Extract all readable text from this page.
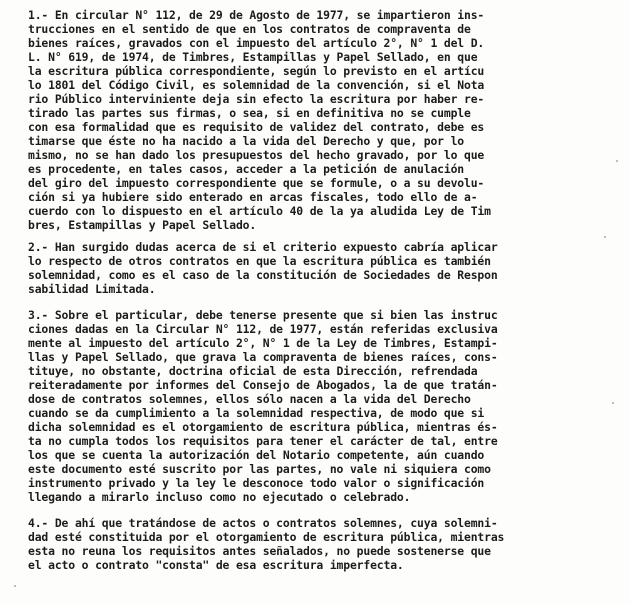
1.- En circular N° 112, de 29 de Agosto de 1977, se impartieron ins-
trucciones en el sentido de que en los contratos de compraventa de
bienes raíces, gravados con el impuesto del artículo 2°, N° 1 del D.
L. N° 619, de 1974, de Timbres, Estampillas y Papel Sellado, en que
la escritura pública correspondiente, según lo previsto en el artícu
lo 1801 del Código Civil, es solemnidad de la convención, si el Nota
rio Público interviniente deja sin efecto la escritura por haber re-
tirado las partes sus firmas, o sea, si en definitiva no se cumple
con esa formalidad que es requisito de validez del contrato, debe es
timarse que éste no ha nacido a la vida del Derecho y que, por lo
mismo, no se han dado los presupuestos del hecho gravado, por lo que
es procedente, en tales casos, acceder a la petición de anulación
del giro del impuesto correspondiente que se formule, o a su devolu-
ción si ya hubiere sido enterado en arcas fiscales, todo ello de a-
cuerdo con lo dispuesto en el artículo 40 de la ya aludida Ley de Tim
bres, Estampillas y Papel Sellado.
2.- Han surgido dudas acerca de si el criterio expuesto cabría aplicar
lo respecto de otros contratos en que la escritura pública es también
solemnidad, como es el caso de la constitución de Sociedades de Respon
sabilidad Limitada.
3.- Sobre el particular, debe tenerse presente que si bien las instruc
ciones dadas en la Circular N° 112, de 1977, están referidas exclusiva
mente al impuesto del artículo 2°, N° 1 de la Ley de Timbres, Estampi-
llas y Papel Sellado, que grava la compraventa de bienes raíces, cons-
tituye, no obstante, doctrina oficial de esta Dirección, refrendada
reiteradamente por informes del Consejo de Abogados, la de que tratán-
dose de contratos solemnes, ellos sólo nacen a la vida del Derecho
cuando se da cumplimiento a la solemnidad respectiva, de modo que si
dicha solemnidad es el otorgamiento de escritura pública, mientras és-
ta no cumpla todos los requisitos para tener el carácter de tal, entre
los que se cuenta la autorización del Notario competente, aún cuando
este documento esté suscrito por las partes, no vale ni siquiera como
instrumento privado y la ley le desconoce todo valor o significación
llegando a mirarlo incluso como no ejecutado o celebrado.
4.- De ahí que tratándose de actos o contratos solemnes, cuya solemni-
dad esté constituida por el otorgamiento de escritura pública, mientras
esta no reuna los requisitos antes señalados, no puede sostenerse que
el acto o contrato "consta" de esa escritura imperfecta.
